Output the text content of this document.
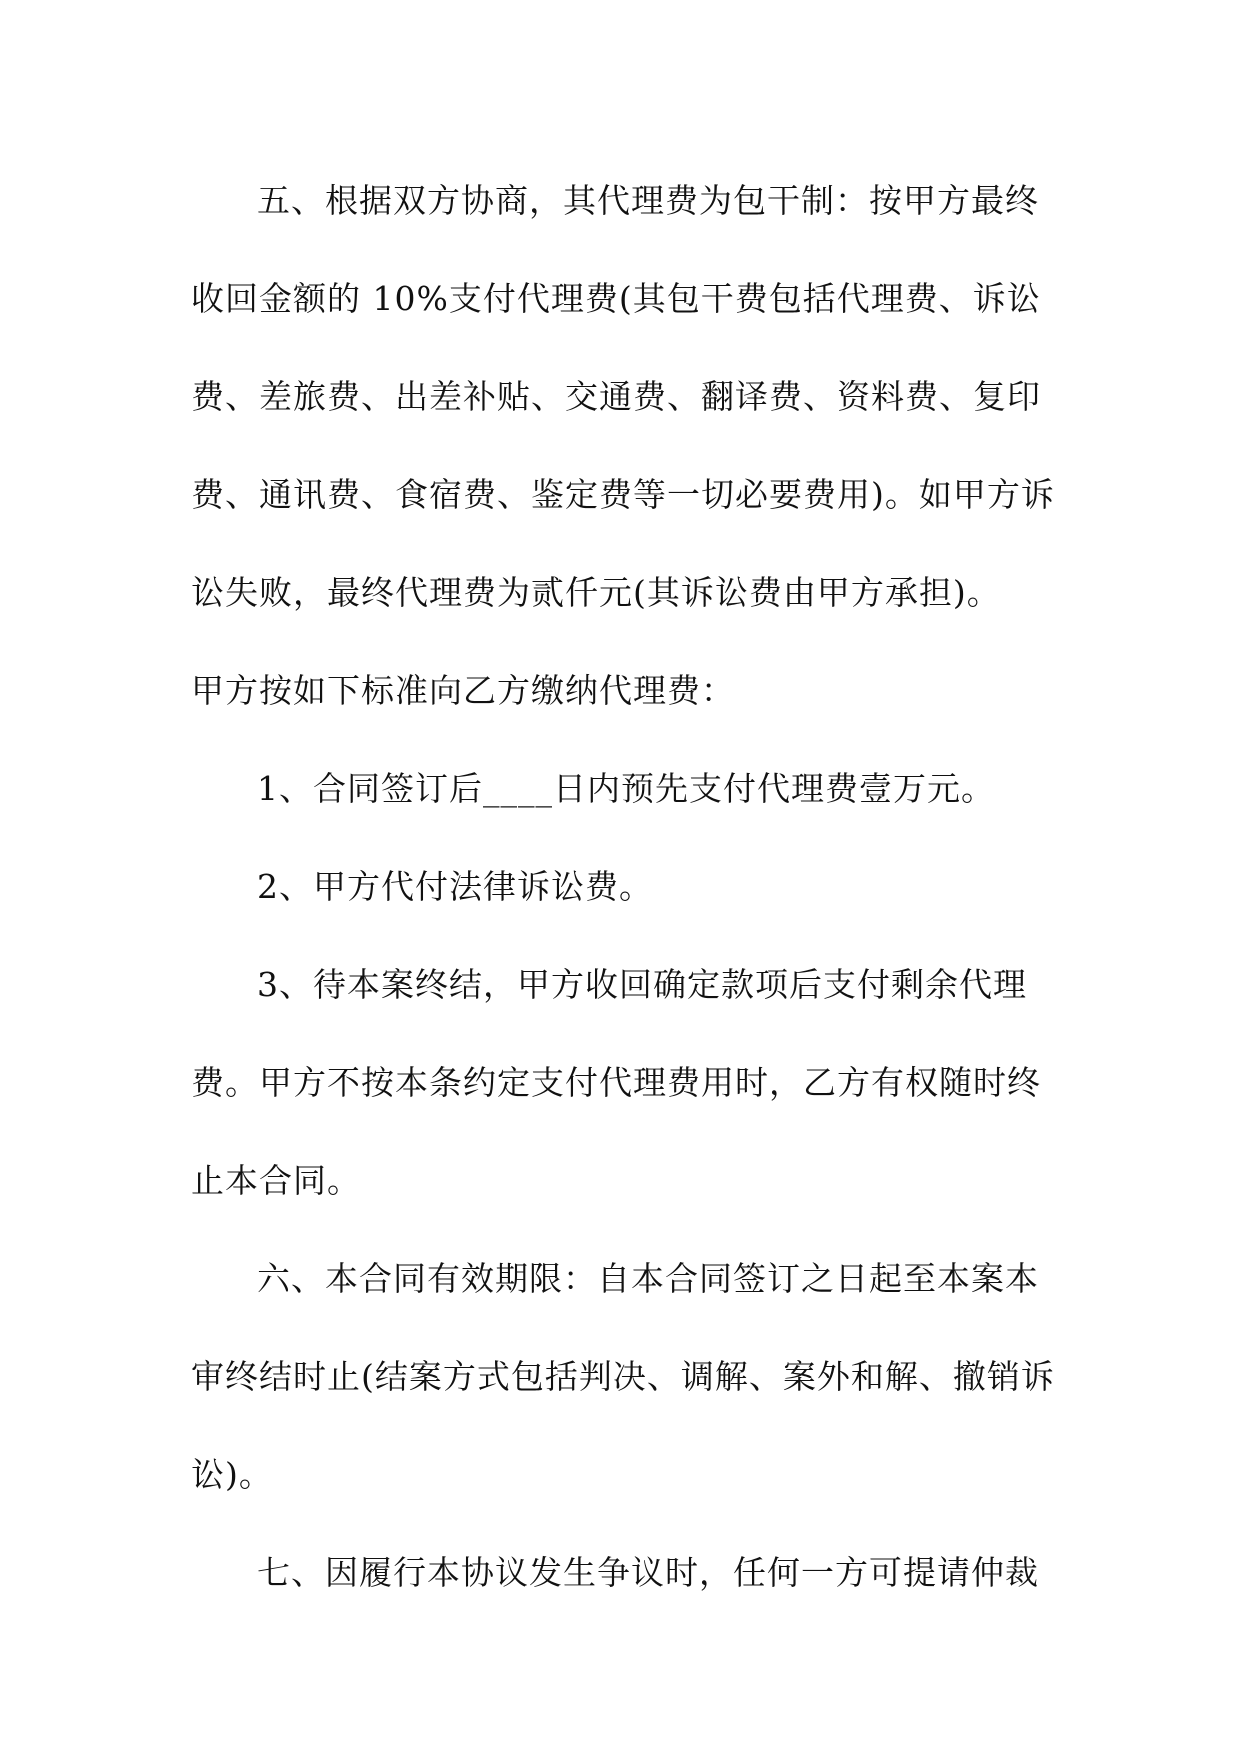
五、根据双方协商，其代理费为包干制：按甲方最终
收回金额的 10%支付代理费(其包干费包括代理费、诉讼
费、差旅费、出差补贴、交通费、翻译费、资料费、复印
费、通讯费、食宿费、鉴定费等一切必要费用)。如甲方诉
讼失败，最终代理费为贰仟元(其诉讼费由甲方承担)。
甲方按如下标准向乙方缴纳代理费：
1、合同签订后____日内预先支付代理费壹万元。
2、甲方代付法律诉讼费。
3、待本案终结，甲方收回确定款项后支付剩余代理
费。甲方不按本条约定支付代理费用时，乙方有权随时终
止本合同。
六、本合同有效期限：自本合同签订之日起至本案本
审终结时止(结案方式包括判决、调解、案外和解、撤销诉
讼)。
七、因履行本协议发生争议时，任何一方可提请仲裁
